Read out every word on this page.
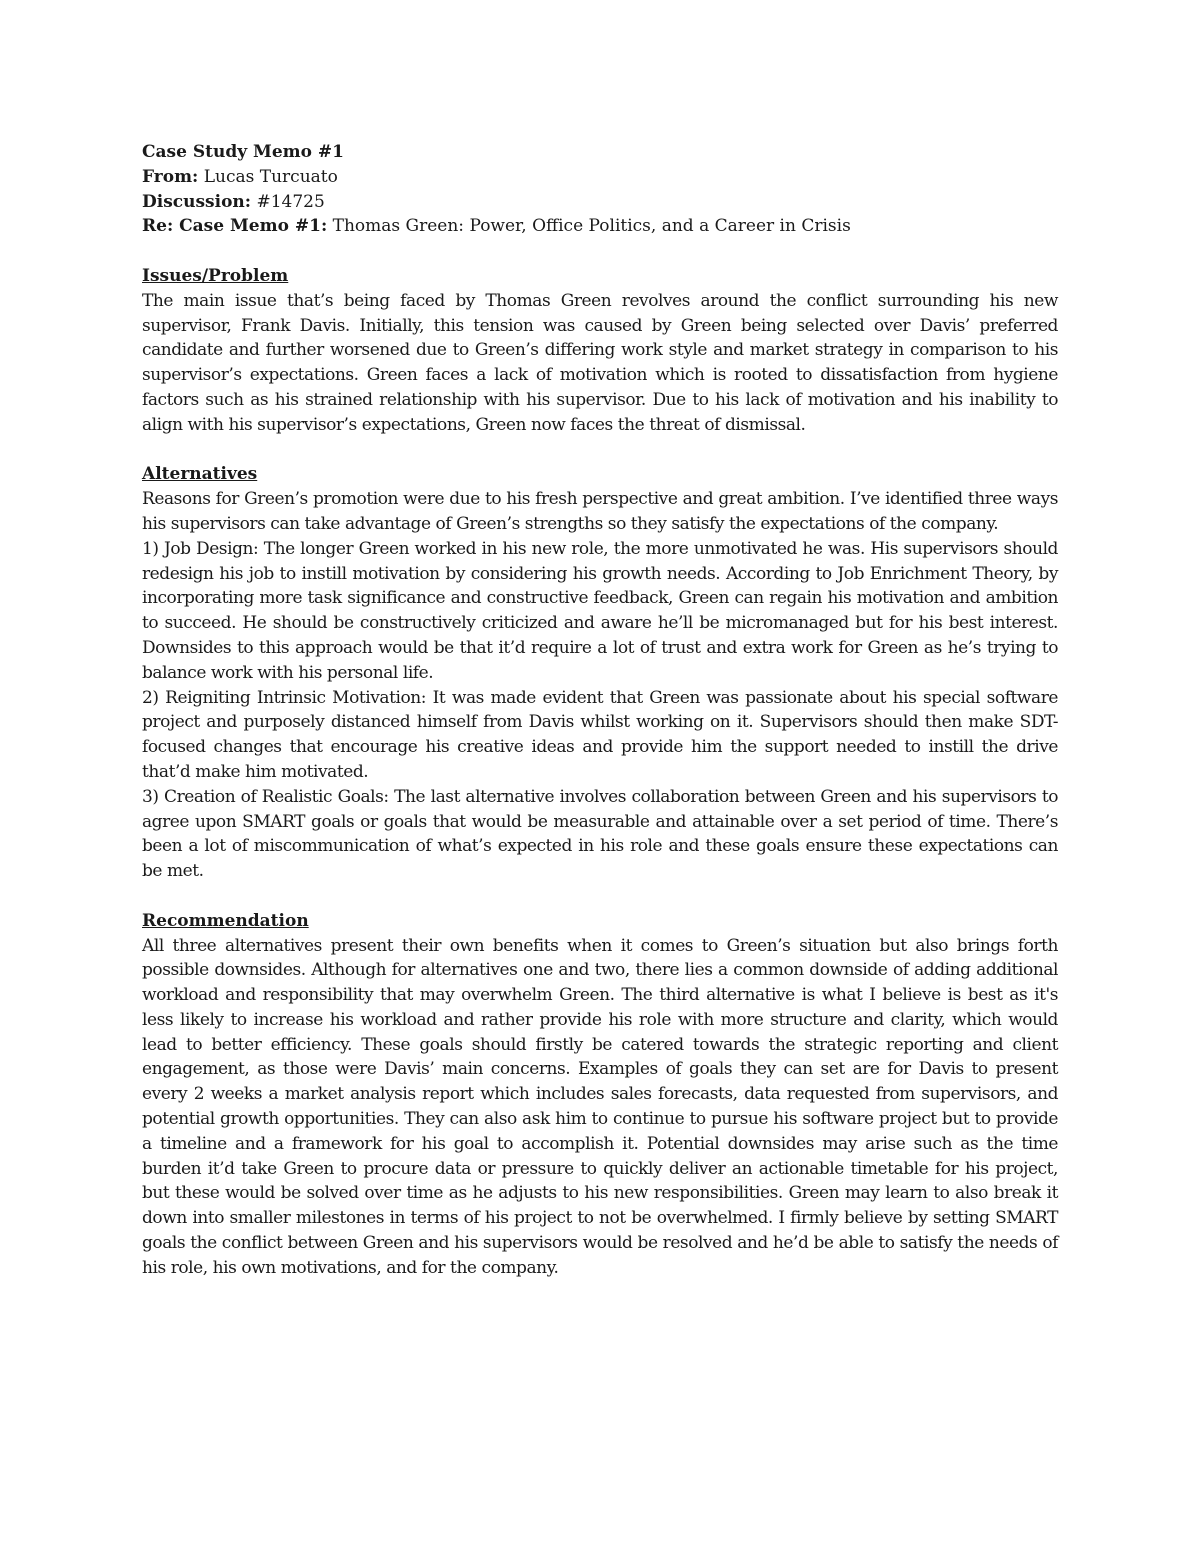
Case Study Memo #1

From: Lucas Turcuato

Discussion: #14725

Re: Case Memo #1: Thomas Green: Power, Office Politics, and a Career in Crisis

Issues/Problem

The main issue that’s being faced by Thomas Green revolves around the conflict surrounding his new supervisor, Frank Davis. Initially, this tension was caused by Green being selected over Davis’ preferred candidate and further worsened due to Green’s differing work style and market strategy in comparison to his supervisor’s expectations. Green faces a lack of motivation which is rooted to dissatisfaction from hygiene factors such as his strained relationship with his supervisor. Due to his lack of motivation and his inability to align with his supervisor’s expectations, Green now faces the threat of dismissal.

Alternatives

Reasons for Green’s promotion were due to his fresh perspective and great ambition. I’ve identified three ways his supervisors can take advantage of Green’s strengths so they satisfy the expectations of the company.

1) Job Design: The longer Green worked in his new role, the more unmotivated he was. His supervisors should redesign his job to instill motivation by considering his growth needs. According to Job Enrichment Theory, by incorporating more task significance and constructive feedback, Green can regain his motivation and ambition to succeed. He should be constructively criticized and aware he’ll be micromanaged but for his best interest. Downsides to this approach would be that it’d require a lot of trust and extra work for Green as he’s trying to balance work with his personal life.

2) Reigniting Intrinsic Motivation: It was made evident that Green was passionate about his special software project and purposely distanced himself from Davis whilst working on it. Supervisors should then make SDT-focused changes that encourage his creative ideas and provide him the support needed to instill the drive that’d make him motivated.

3) Creation of Realistic Goals: The last alternative involves collaboration between Green and his supervisors to agree upon SMART goals or goals that would be measurable and attainable over a set period of time. There’s been a lot of miscommunication of what’s expected in his role and these goals ensure these expectations can be met.

Recommendation

All three alternatives present their own benefits when it comes to Green’s situation but also brings forth possible downsides. Although for alternatives one and two, there lies a common downside of adding additional workload and responsibility that may overwhelm Green. The third alternative is what I believe is best as it's less likely to increase his workload and rather provide his role with more structure and clarity, which would lead to better efficiency. These goals should firstly be catered towards the strategic reporting and client engagement, as those were Davis’ main concerns. Examples of goals they can set are for Davis to present every 2 weeks a market analysis report which includes sales forecasts, data requested from supervisors, and potential growth opportunities. They can also ask him to continue to pursue his software project but to provide a timeline and a framework for his goal to accomplish it. Potential downsides may arise such as the time burden it’d take Green to procure data or pressure to quickly deliver an actionable timetable for his project, but these would be solved over time as he adjusts to his new responsibilities. Green may learn to also break it down into smaller milestones in terms of his project to not be overwhelmed. I firmly believe by setting SMART goals the conflict between Green and his supervisors would be resolved and he’d be able to satisfy the needs of his role, his own motivations, and for the company.
